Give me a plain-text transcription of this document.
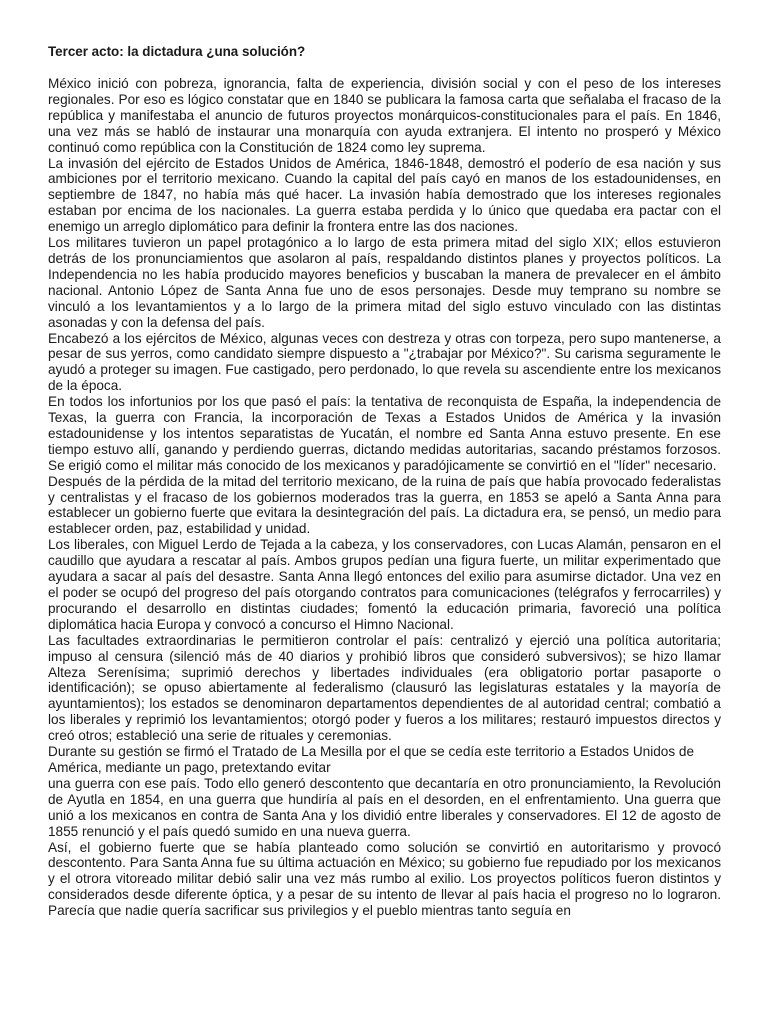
Tercer acto: la dictadura ¿una solución?

México inició con pobreza, ignorancia, falta de experiencia, división social y con el peso de los intereses regionales. Por eso es lógico constatar que en 1840 se publicara la famosa carta que señalaba el fracaso de la república y manifestaba el anuncio de futuros proyectos monárquicos-constitucionales para el país. En 1846, una vez más se habló de instaurar una monarquía con ayuda extranjera. El intento no prosperó y México continuó como república con la Constitución de 1824 como ley suprema.

La invasión del ejército de Estados Unidos de América, 1846-1848, demostró el poderío de esa nación y sus ambiciones por el territorio mexicano. Cuando la capital del país cayó en manos de los estadounidenses, en septiembre de 1847, no había más qué hacer. La invasión había demostrado que los intereses regionales estaban por encima de los nacionales. La guerra estaba perdida y lo único que quedaba era pactar con el enemigo un arreglo diplomático para definir la frontera entre las dos naciones.

Los militares tuvieron un papel protagónico a lo largo de esta primera mitad del siglo XIX; ellos estuvieron detrás de los pronunciamientos que asolaron al país, respaldando distintos planes y proyectos políticos. La Independencia no les había producido mayores beneficios y buscaban la manera de prevalecer en el ámbito nacional. Antonio López de Santa Anna fue uno de esos personajes. Desde muy temprano su nombre se vinculó a los levantamientos y a lo largo de la primera mitad del siglo estuvo vinculado con las distintas asonadas y con la defensa del país.

Encabezó a los ejércitos de México, algunas veces con destreza y otras con torpeza, pero supo mantenerse, a pesar de sus yerros, como candidato siempre dispuesto a "¿trabajar por México?". Su carisma seguramente le ayudó a proteger su imagen. Fue castigado, pero perdonado, lo que revela su ascendiente entre los mexicanos de la época.

En todos los infortunios por los que pasó el país: la tentativa de reconquista de España, la independencia de Texas, la guerra con Francia, la incorporación de Texas a Estados Unidos de América y la invasión estadounidense y los intentos separatistas de Yucatán, el nombre ed Santa Anna estuvo presente. En ese tiempo estuvo allí, ganando y perdiendo guerras, dictando medidas autoritarias, sacando préstamos forzosos. Se erigió como el militar más conocido de los mexicanos y paradójicamente se convirtió en el "líder" necesario.

Después de la pérdida de la mitad del territorio mexicano, de la ruina de país que había provocado federalistas y centralistas y el fracaso de los gobiernos moderados tras la guerra, en 1853 se apeló a Santa Anna para establecer un gobierno fuerte que evitara la desintegración del país. La dictadura era, se pensó, un medio para establecer orden, paz, estabilidad y unidad.

Los liberales, con Miguel Lerdo de Tejada a la cabeza, y los conservadores, con Lucas Alamán, pensaron en el caudillo que ayudara a rescatar al país. Ambos grupos pedían una figura fuerte, un militar experimentado que ayudara a sacar al país del desastre. Santa Anna llegó entonces del exilio para asumirse dictador. Una vez en el poder se ocupó del progreso del país otorgando contratos para comunicaciones (telégrafos y ferrocarriles) y procurando el desarrollo en distintas ciudades; fomentó la educación primaria, favoreció una política diplomática hacia Europa y convocó a concurso el Himno Nacional.

Las facultades extraordinarias le permitieron controlar el país: centralizó y ejerció una política autoritaria; impuso al censura (silenció más de 40 diarios y prohibió libros que consideró subversivos); se hizo llamar Alteza Serenísima; suprimió derechos y libertades individuales (era obligatorio portar pasaporte o identificación); se opuso abiertamente al federalismo (clausuró las legislaturas estatales y la mayoría de ayuntamientos); los estados se denominaron departamentos dependientes de al autoridad central; combatió a los liberales y reprimió los levantamientos; otorgó poder y fueros a los militares; restauró impuestos directos y creó otros; estableció una serie de rituales y ceremonias.

Durante su gestión se firmó el Tratado de La Mesilla por el que se cedía este territorio a Estados Unidos de América, mediante un pago, pretextando evitar

una guerra con ese país. Todo ello generó descontento que decantaría en otro pronunciamiento, la Revolución de Ayutla en 1854, en una guerra que hundiría al país en el desorden, en el enfrentamiento. Una guerra que unió a los mexicanos en contra de Santa Ana y los dividió entre liberales y conservadores. El 12 de agosto de 1855 renunció y el país quedó sumido en una nueva guerra.

Así, el gobierno fuerte que se había planteado como solución se convirtió en autoritarismo y provocó descontento. Para Santa Anna fue su última actuación en México; su gobierno fue repudiado por los mexicanos y el otrora vitoreado militar debió salir una vez más rumbo al exilio. Los proyectos políticos fueron distintos y considerados desde diferente óptica, y a pesar de su intento de llevar al país hacia el progreso no lo lograron. Parecía que nadie quería sacrificar sus privilegios y el pueblo mientras tanto seguía en
